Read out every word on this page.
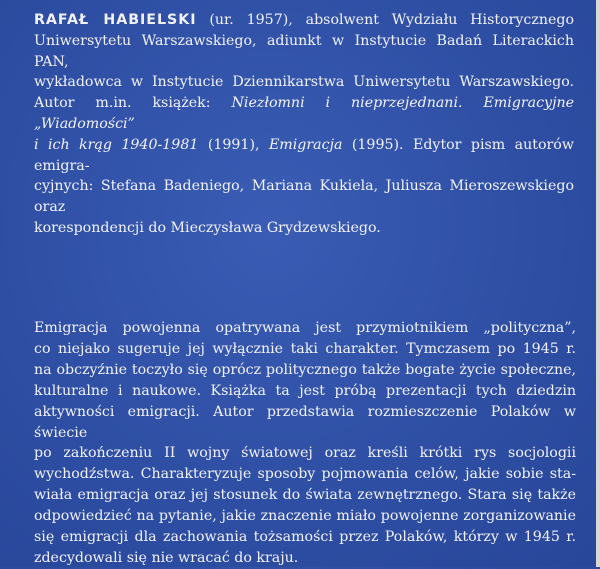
RAFAŁ HABIELSKI (ur. 1957), absolwent Wydziału Historycznego
Uniwersytetu Warszawskiego, adiunkt w Instytucie Badań Literackich PAN,
wykładowca w Instytucie Dziennikarstwa Uniwersytetu Warszawskiego.
Autor m.in. książek: Niezłomni i nieprzejednani. Emigracyjne „Wiadomości”
i ich krąg 1940-1981 (1991), Emigracja (1995). Edytor pism autorów emigra-
cyjnych: Stefana Badeniego, Mariana Kukiela, Juliusza Mieroszewskiego oraz
korespondencji do Mieczysława Grydzewskiego.
Emigracja powojenna opatrywana jest przymiotnikiem „polityczna”,
co niejako sugeruje jej wyłącznie taki charakter. Tymczasem po 1945 r.
na obczyźnie toczyło się oprócz politycznego także bogate życie społeczne,
kulturalne i naukowe. Książka ta jest próbą prezentacji tych dziedzin
aktywności emigracji. Autor przedstawia rozmieszczenie Polaków w świecie
po zakończeniu II wojny światowej oraz kreśli krótki rys socjologii
wychodźstwa. Charakteryzuje sposoby pojmowania celów, jakie sobie sta-
wiała emigracja oraz jej stosunek do świata zewnętrznego. Stara się także
odpowiedzieć na pytanie, jakie znaczenie miało powojenne zorganizowanie
się emigracji dla zachowania tożsamości przez Polaków, którzy w 1945 r.
zdecydowali się nie wracać do kraju.
